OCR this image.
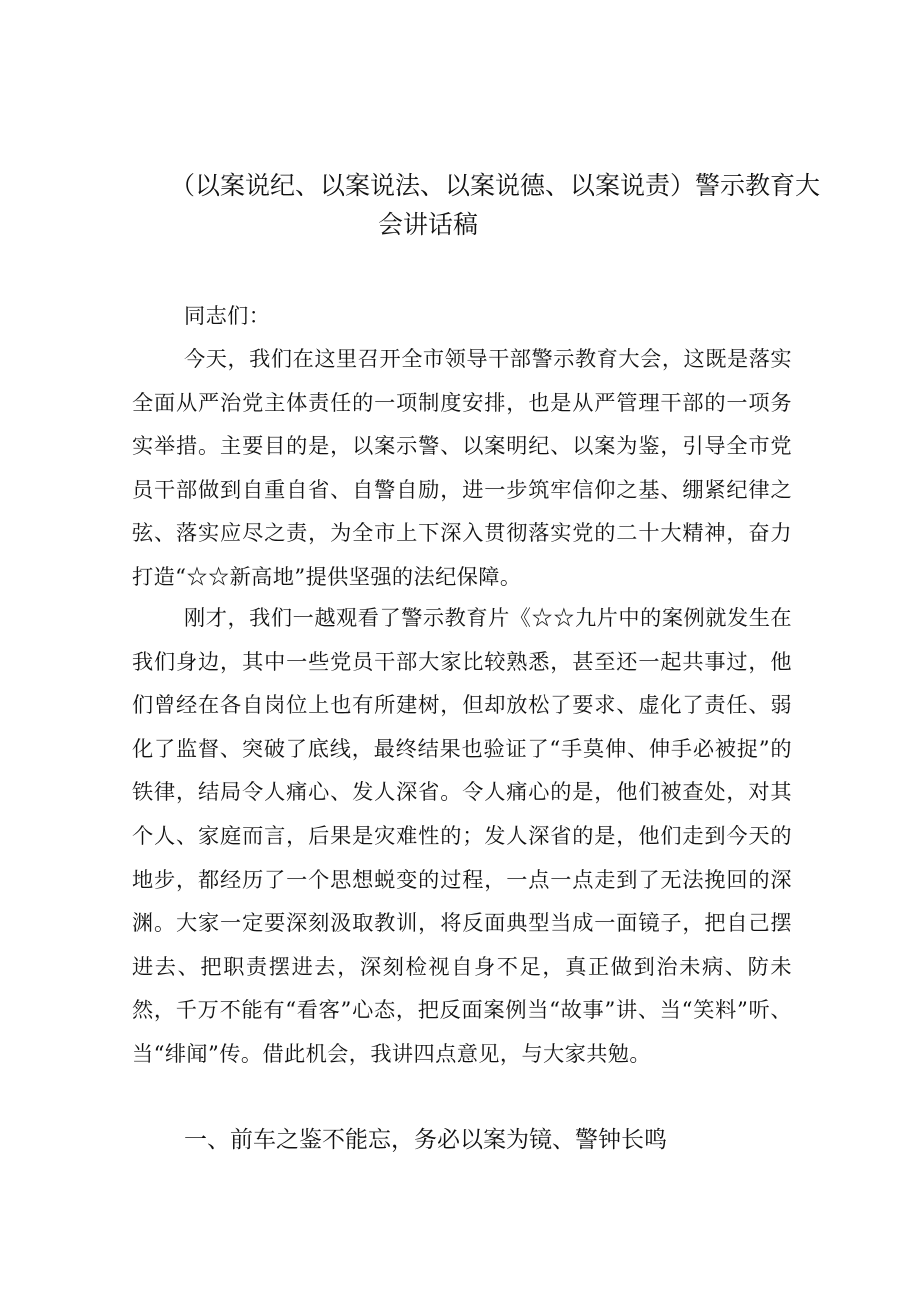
（以案说纪、以案说法、以案说德、以案说责）警示教育大
会讲话稿
同志们：
今天，我们在这里召开全市领导干部警示教育大会，这既是落实全面从严治党主体责任的一项制度安排，也是从严管理干部的一项务实举措。主要目的是，以案示警、以案明纪、以案为鉴，引导全市党员干部做到自重自省、自警自励，进一步筑牢信仰之基、绷紧纪律之弦、落实应尽之责，为全市上下深入贯彻落实党的二十大精神，奋力打造“☆☆新高地”提供坚强的法纪保障。
刚才，我们一越观看了警示教育片《☆☆九片中的案例就发生在我们身边，其中一些党员干部大家比较熟悉，甚至还一起共事过，他们曾经在各自岗位上也有所建树，但却放松了要求、虚化了责任、弱化了监督、突破了底线，最终结果也验证了“手莫伸、伸手必被捉”的铁律，结局令人痛心、发人深省。令人痛心的是，他们被查处，对其个人、家庭而言，后果是灾难性的；发人深省的是，他们走到今天的地步，都经历了一个思想蜕变的过程，一点一点走到了无法挽回的深渊。大家一定要深刻汲取教训，将反面典型当成一面镜子，把自己摆进去、把职责摆进去，深刻检视自身不足，真正做到治未病、防未然，千万不能有“看客”心态，把反面案例当“故事”讲、当“笑料”听、当“绯闻”传。借此机会，我讲四点意见，与大家共勉。
一、前车之鉴不能忘，务必以案为镜、警钟长鸣
